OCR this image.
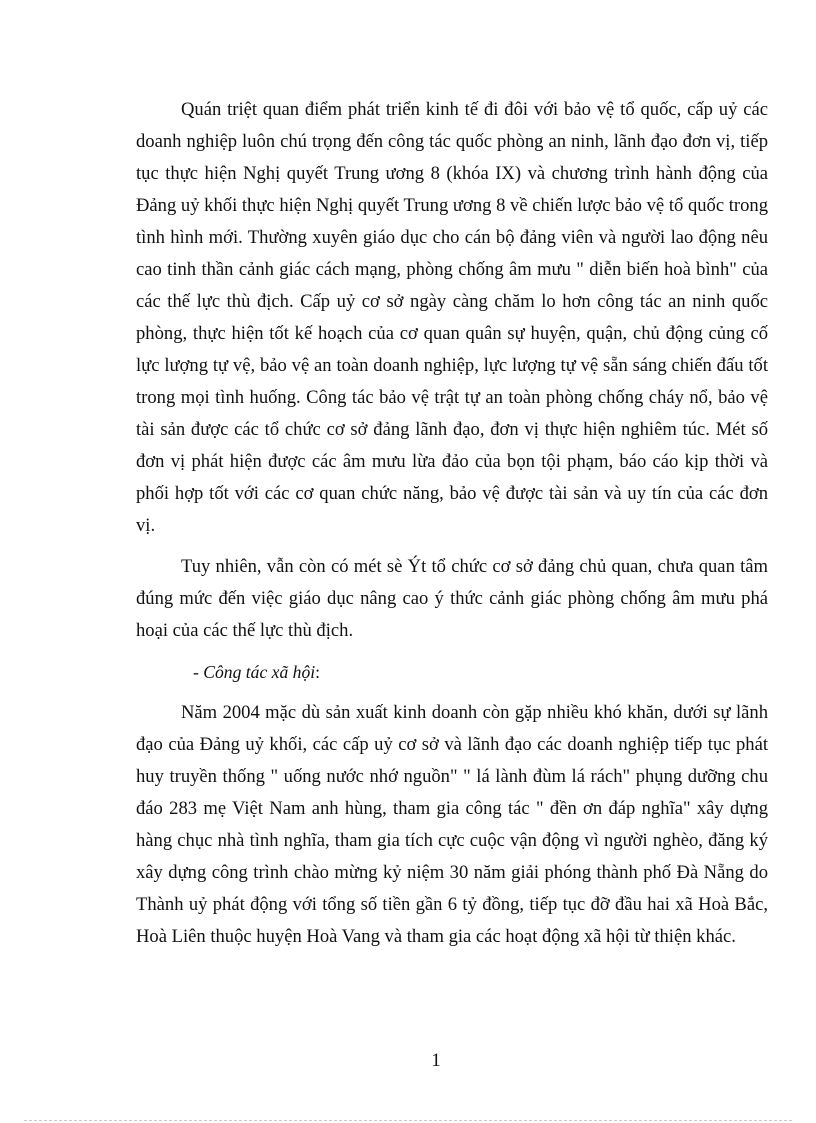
Quán triệt quan điểm phát triển kinh tế đi đôi với bảo vệ tổ quốc, cấp uỷ các doanh nghiệp luôn chú trọng đến công tác quốc phòng an ninh, lãnh đạo đơn vị, tiếp tục thực hiện Nghị quyết Trung ương 8 (khóa IX) và chương trình hành động của Đảng uỷ khối thực hiện Nghị quyết Trung ương 8 về chiến lược bảo vệ tổ quốc trong tình hình mới. Thường xuyên giáo dục cho cán bộ đảng viên và người lao động nêu cao tinh thần cảnh giác cách mạng, phòng chống âm mưu " diễn biến hoà bình" của các thế lực thù địch. Cấp uỷ cơ sở ngày càng chăm lo hơn công tác an ninh quốc phòng, thực hiện tốt kế hoạch của cơ quan quân sự huyện, quận, chủ động củng cố lực lượng tự vệ, bảo vệ an toàn doanh nghiệp, lực lượng tự vệ sẵn sáng chiến đấu tốt trong mọi tình huống. Công tác bảo vệ trật tự an toàn phòng chống cháy nổ, bảo vệ tài sản được các tổ chức cơ sở đảng lãnh đạo, đơn vị thực hiện nghiêm túc. Mét số đơn vị phát hiện được các âm mưu lừa đảo của bọn tội phạm, báo cáo kịp thời và phối hợp tốt với các cơ quan chức năng, bảo vệ được tài sản và uy tín của các đơn vị.

Tuy nhiên, vẫn còn có mét sè Ýt tổ chức cơ sở đảng chủ quan, chưa quan tâm đúng mức đến việc giáo dục nâng cao ý thức cảnh giác phòng chống âm mưu phá hoại của các thế lực thù địch.

- Công tác xã hội:

Năm 2004 mặc dù sản xuất kinh doanh còn gặp nhiều khó khăn, dưới sự lãnh đạo của Đảng uỷ khối, các cấp uỷ cơ sở và lãnh đạo các doanh nghiệp tiếp tục phát huy truyền thống " uống nước nhớ nguồn" " lá lành đùm lá rách" phụng dưỡng chu đáo 283 mẹ Việt Nam anh hùng, tham gia công tác " đền ơn đáp nghĩa" xây dựng hàng chục nhà tình nghĩa, tham gia tích cực cuộc vận động vì người nghèo, đăng ký xây dựng công trình chào mừng kỷ niệm 30 năm giải phóng thành phố Đà Nẵng do Thành uỷ phát động với tổng số tiền gần 6 tỷ đồng, tiếp tục đỡ đầu hai xã Hoà Bắc, Hoà Liên thuộc huyện Hoà Vang và tham gia các hoạt động xã hội từ thiện khác.

1
